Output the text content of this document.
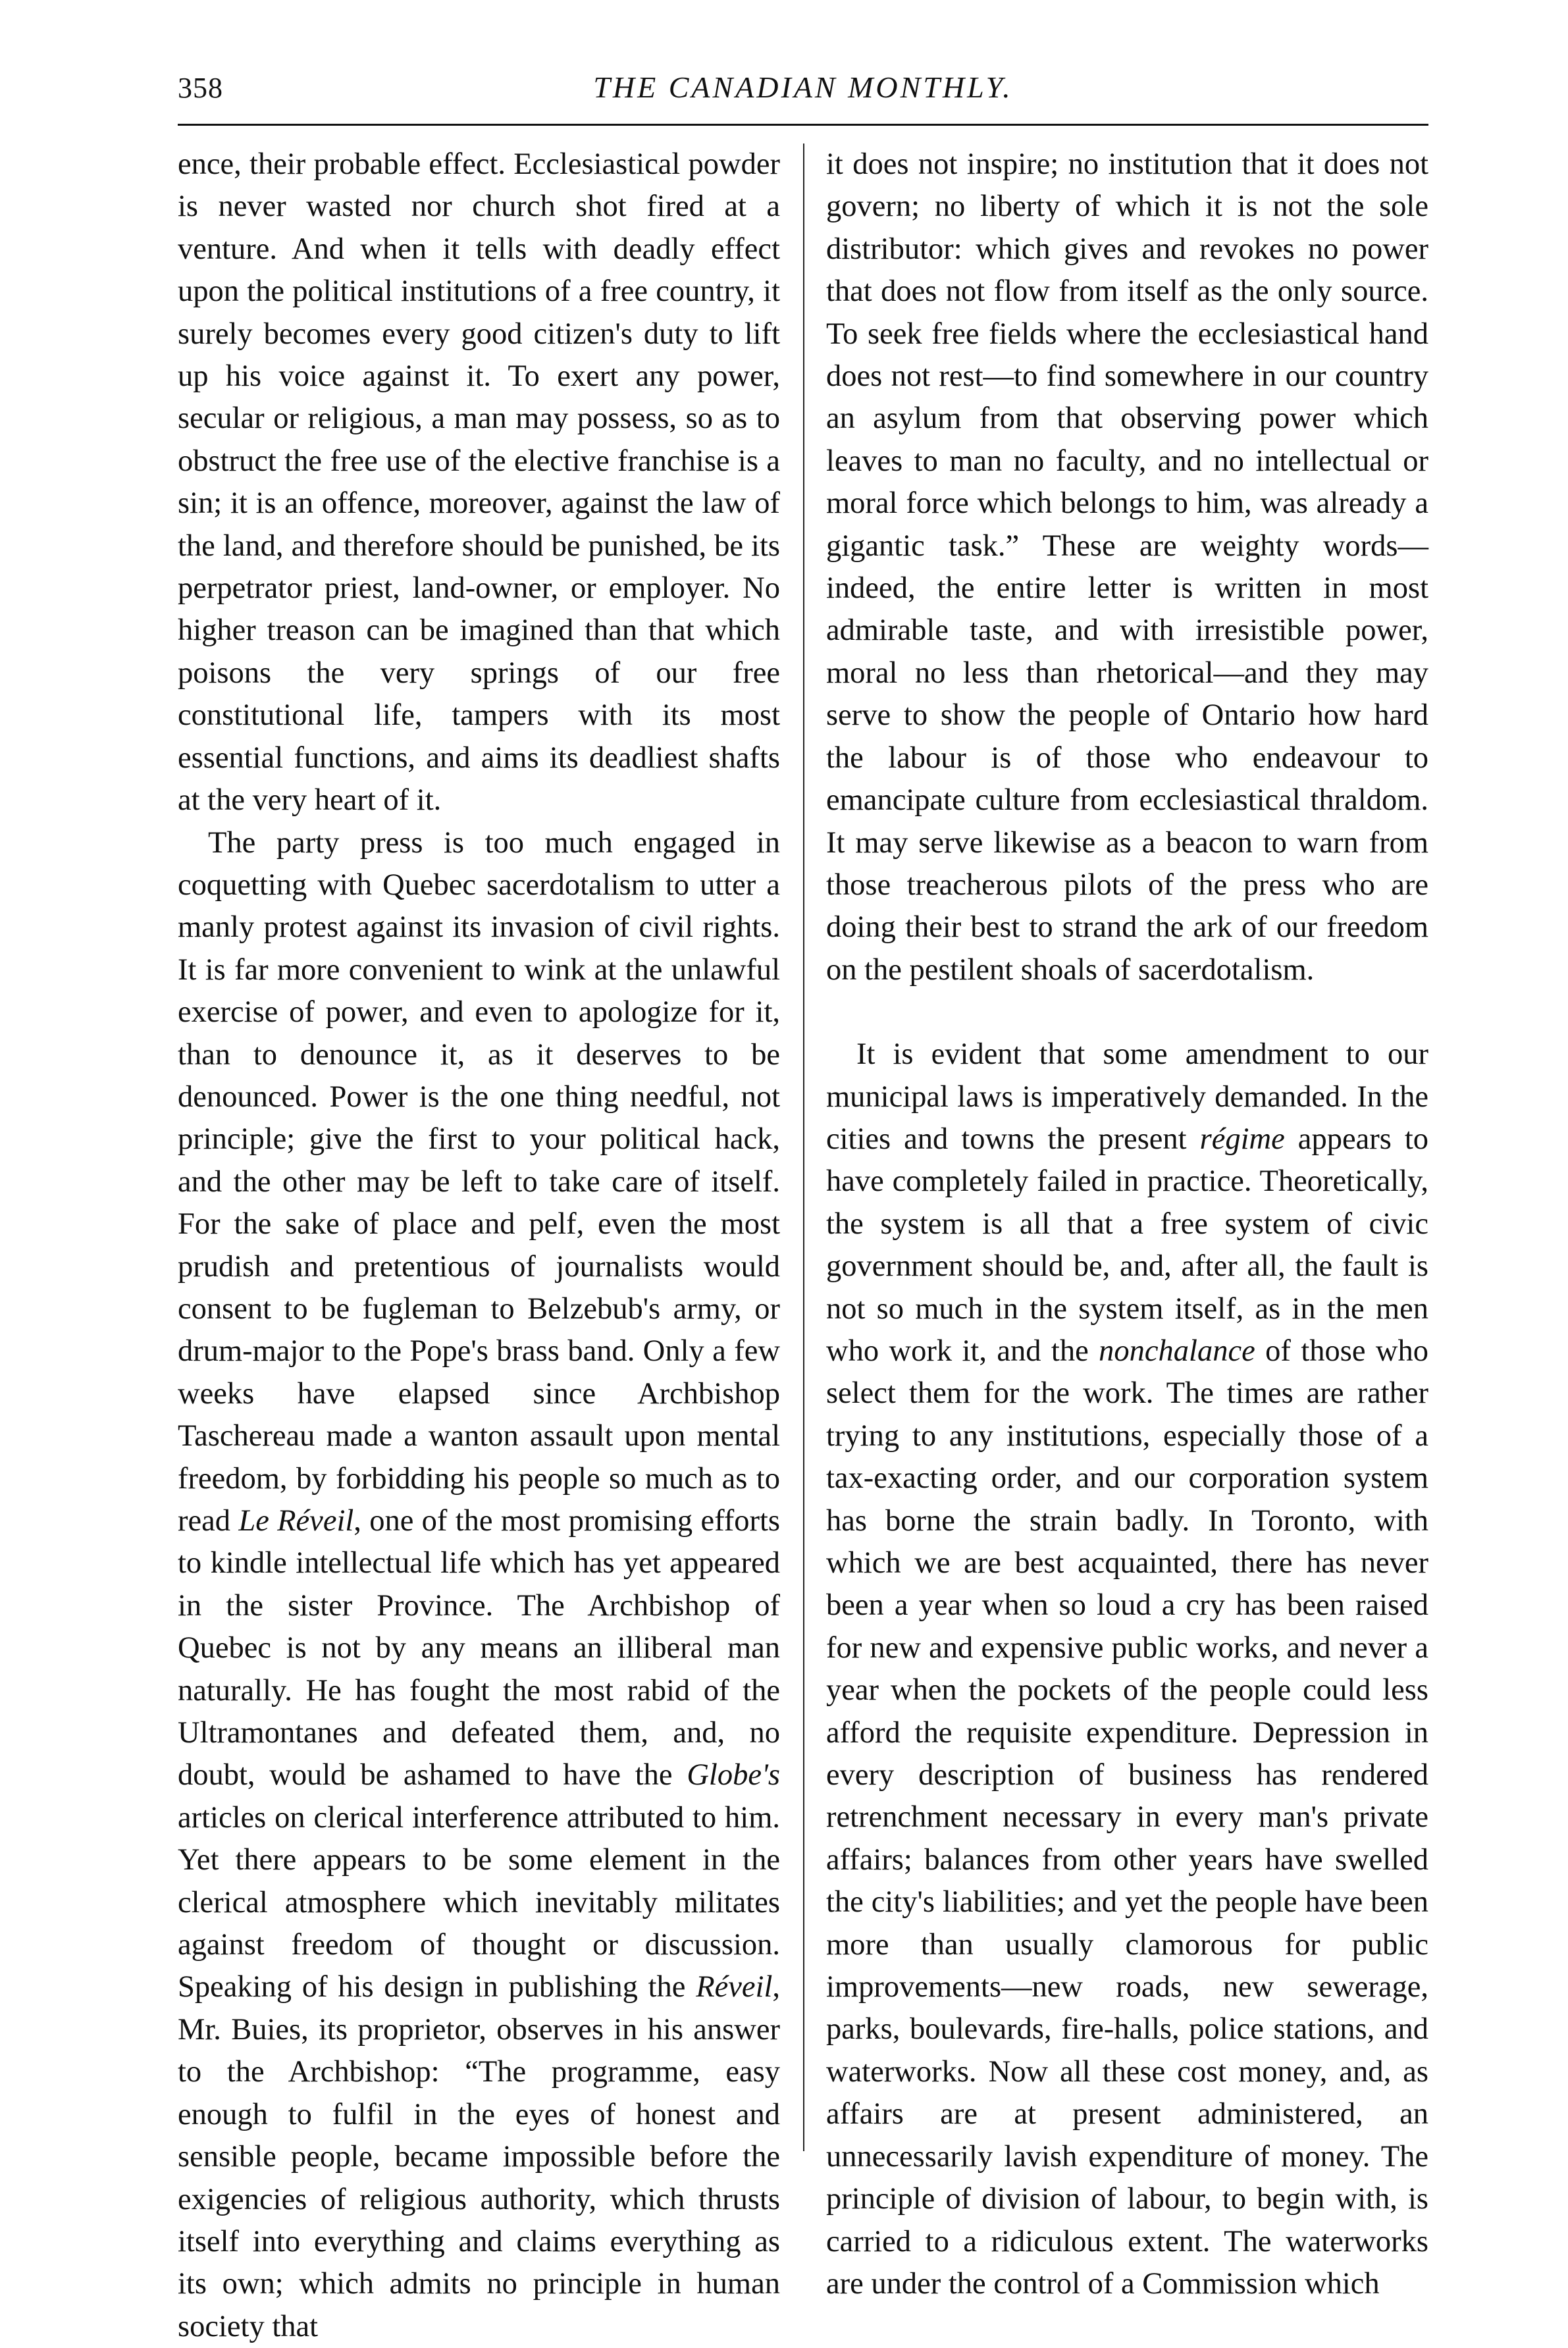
358	THE CANADIAN MONTHLY.

ence, their probable effect. Ecclesiastical powder is never wasted nor church shot fired at a venture. And when it tells with deadly effect upon the political institutions of a free country, it surely becomes every good citizen's duty to lift up his voice against it. To exert any power, secular or religious, a man may possess, so as to obstruct the free use of the elective franchise is a sin; it is an offence, moreover, against the law of the land, and therefore should be punished, be its perpetrator priest, land-owner, or employer. No higher treason can be imagined than that which poisons the very springs of our free constitutional life, tampers with its most essential functions, and aims its deadliest shafts at the very heart of it.

The party press is too much engaged in coquetting with Quebec sacerdotalism to utter a manly protest against its invasion of civil rights. It is far more convenient to wink at the unlawful exercise of power, and even to apologize for it, than to denounce it, as it deserves to be denounced. Power is the one thing needful, not principle; give the first to your political hack, and the other may be left to take care of itself. For the sake of place and pelf, even the most prudish and pretentious of journalists would consent to be fugleman to Belzebub's army, or drum-major to the Pope's brass band. Only a few weeks have elapsed since Archbishop Taschereau made a wanton assault upon mental freedom, by forbidding his people so much as to read Le Réveil, one of the most promising efforts to kindle intellectual life which has yet appeared in the sister Province. The Archbishop of Quebec is not by any means an illiberal man naturally. He has fought the most rabid of the Ultramontanes and defeated them, and, no doubt, would be ashamed to have the Globe's articles on clerical interference attributed to him. Yet there appears to be some element in the clerical atmosphere which inevitably militates against freedom of thought or discussion. Speaking of his design in publishing the Réveil, Mr. Buies, its proprietor, observes in his answer to the Archbishop: “The programme, easy enough to fulfil in the eyes of honest and sensible people, became impossible before the exigencies of religious authority, which thrusts itself into everything and claims everything as its own; which admits no principle in human society that

it does not inspire; no institution that it does not govern; no liberty of which it is not the sole distributor: which gives and revokes no power that does not flow from itself as the only source. To seek free fields where the ecclesiastical hand does not rest—to find somewhere in our country an asylum from that observing power which leaves to man no faculty, and no intellectual or moral force which belongs to him, was already a gigantic task.” These are weighty words—indeed, the entire letter is written in most admirable taste, and with irresistible power, moral no less than rhetorical—and they may serve to show the people of Ontario how hard the labour is of those who endeavour to emancipate culture from ecclesiastical thraldom. It may serve likewise as a beacon to warn from those treacherous pilots of the press who are doing their best to strand the ark of our freedom on the pestilent shoals of sacerdotalism.

It is evident that some amendment to our municipal laws is imperatively demanded. In the cities and towns the present régime appears to have completely failed in practice. Theoretically, the system is all that a free system of civic government should be, and, after all, the fault is not so much in the system itself, as in the men who work it, and the nonchalance of those who select them for the work. The times are rather trying to any institutions, especially those of a tax-exacting order, and our corporation system has borne the strain badly. In Toronto, with which we are best acquainted, there has never been a year when so loud a cry has been raised for new and expensive public works, and never a year when the pockets of the people could less afford the requisite expenditure. Depression in every description of business has rendered retrenchment necessary in every man's private affairs; balances from other years have swelled the city's liabilities; and yet the people have been more than usually clamorous for public improvements—new roads, new sewerage, parks, boulevards, fire-halls, police stations, and waterworks. Now all these cost money, and, as affairs are at present administered, an unnecessarily lavish expenditure of money. The principle of division of labour, to begin with, is carried to a ridiculous extent. The waterworks are under the control of a Commission which
